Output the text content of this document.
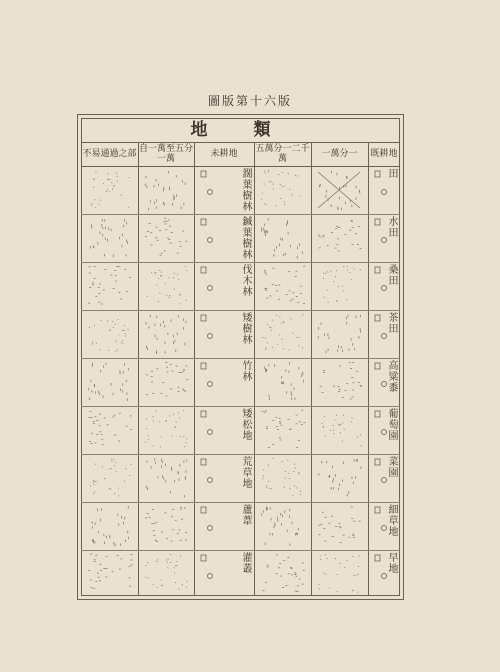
圖版第十六版
地 類
不易通過之部 自一萬至五分一萬	未耕地 五萬分一二千萬	一萬分一 既耕地
濶葉樹林
鍼葉樹林
伐木林
矮樹林
竹林
矮松地
荒草地
蘆葦
灌叢
田
水田
桑田
茶田
高粱黍
葡萄園
菜園
細草地
早地
